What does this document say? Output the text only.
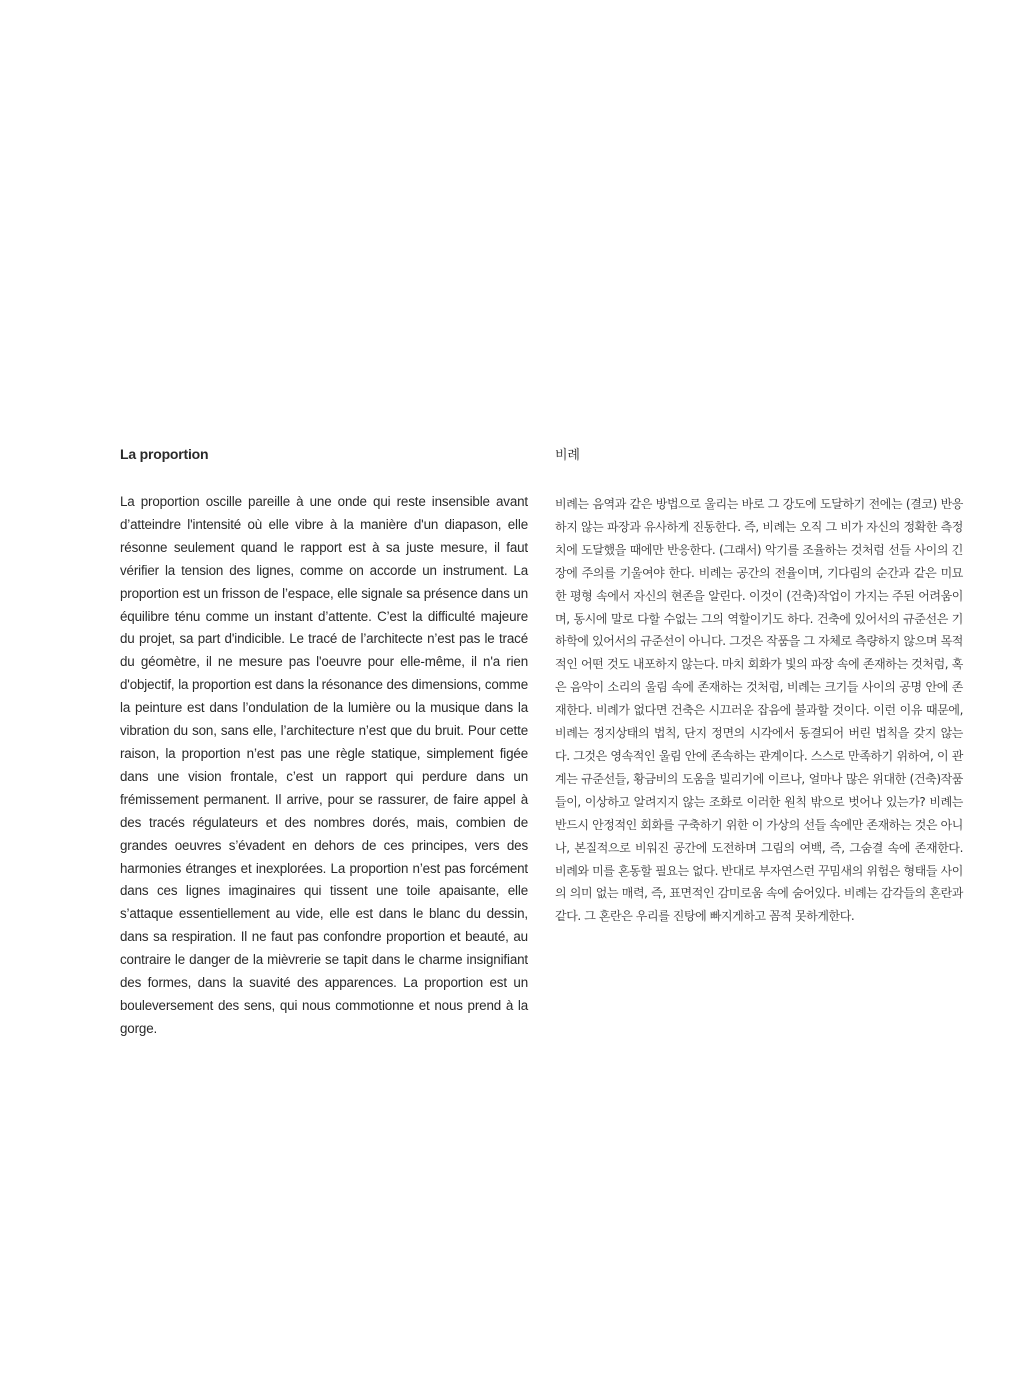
La proportion

La proportion oscille pareille à une onde qui reste insensible avant d’atteindre l'intensité où elle vibre à la manière d'un diapason, elle résonne seulement quand le rapport est à sa juste mesure, il faut vérifier la tension des lignes, comme on accorde un instrument. La proportion est un frisson de l’espace, elle signale sa présence dans un équilibre ténu comme un instant d’attente. C’est la difficulté majeure du projet, sa part d'indicible. Le tracé de l’architecte n’est pas le tracé du géomètre, il ne mesure pas l'oeuvre pour elle-même, il n'a rien d'objectif, la proportion est dans la résonance des dimensions, comme la peinture est dans l’ondulation de la lumière ou la musique dans la vibration du son, sans elle, l’architecture n’est que du bruit. Pour cette raison, la proportion n’est pas une règle statique, simplement figée dans une vision frontale, c’est un rapport qui perdure dans un frémissement permanent. Il arrive, pour se rassurer, de faire appel à des tracés régulateurs et des nombres dorés, mais, combien de grandes oeuvres s’évadent en dehors de ces principes, vers des harmonies étranges et inexplorées. La proportion n’est pas forcément dans ces lignes imaginaires qui tissent une toile apaisante, elle s’attaque essentiellement au vide, elle est dans le blanc du dessin, dans sa respiration. Il ne faut pas confondre proportion et beauté, au contraire le danger de la mièvrerie se tapit dans le charme insignifiant des formes, dans la suavité des apparences. La proportion est un bouleversement des sens, qui nous commotionne et nous prend à la gorge.

비례

비례는 음역과 같은 방법으로 울리는 바로 그 강도에 도달하기 전에는 (결코) 반응하지 않는 파장과 유사하게 진동한다. 즉, 비례는 오직 그 비가 자신의 정확한 측정치에 도달했을 때에만 반응한다. (그래서) 악기를 조율하는 것처럼 선들 사이의 긴장에 주의를 기울여야 한다. 비례는 공간의 전율이며, 기다림의 순간과 같은 미묘한 평형 속에서 자신의 현존을 알린다. 이것이 (건축)작업이 가지는 주된 어려움이며, 동시에 말로 다할 수없는 그의 역할이기도 하다. 건축에 있어서의 규준선은 기하학에 있어서의 규준선이 아니다. 그것은 작품을 그 자체로 측량하지 않으며 목적적인 어떤 것도 내포하지 않는다. 마치 회화가 빛의 파장 속에 존재하는 것처럼, 혹은 음악이 소리의 울림 속에 존재하는 것처럼, 비례는 크기들 사이의 공명 안에 존재한다. 비례가 없다면 건축은 시끄러운 잡음에 불과할 것이다. 이런 이유 때문에, 비례는 정지상태의 법칙, 단지 정면의 시각에서 동결되어 버린 법칙을 갖지 않는다. 그것은 영속적인 울림 안에 존속하는 관계이다. 스스로 만족하기 위하여, 이 관계는 규준선들, 황금비의 도움을 빌리기에 이르나, 얼마나 많은 위대한 (건축)작품들이, 이상하고 알려지지 않는 조화로 이러한 원칙 밖으로 벗어나 있는가? 비례는 반드시 안정적인 회화를 구축하기 위한 이 가상의 선들 속에만 존재하는 것은 아니나, 본질적으로 비워진 공간에 도전하며 그림의 여백, 즉, 그숨결 속에 존재한다. 비례와 미를 혼동할 필요는 없다. 반대로 부자연스런 꾸밈새의 위험은 형태들 사이의 의미 없는 매력, 즉, 표면적인 감미로움 속에 숨어있다. 비례는 감각들의 혼란과 같다. 그 혼란은 우리를 진탕에 빠지게하고 꼼적 못하게한다.
